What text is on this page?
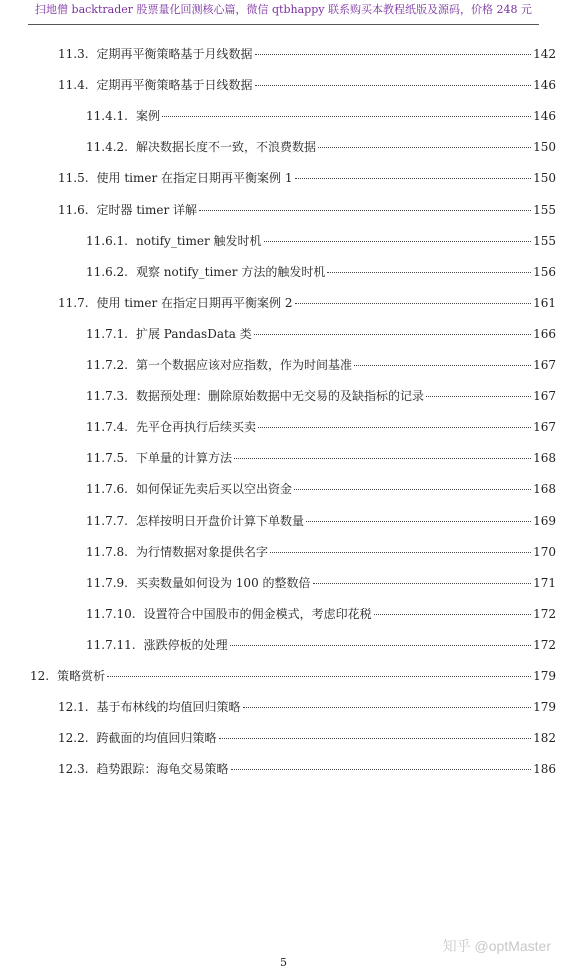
扫地僧 backtrader 股票量化回测核心篇，微信 qtbhappy 联系购买本教程纸版及源码，价格 248 元
11.3. 定期再平衡策略基于月线数据	142
11.4. 定期再平衡策略基于日线数据	146
11.4.1. 案例	146
11.4.2. 解决数据长度不一致，不浪费数据	150
11.5. 使用 timer 在指定日期再平衡案例 1	150
11.6. 定时器 timer 详解	155
11.6.1. notify_timer 触发时机	155
11.6.2. 观察 notify_timer 方法的触发时机	156
11.7. 使用 timer 在指定日期再平衡案例 2	161
11.7.1. 扩展 PandasData 类	166
11.7.2. 第一个数据应该对应指数，作为时间基准	167
11.7.3. 数据预处理：删除原始数据中无交易的及缺指标的记录	167
11.7.4. 先平仓再执行后续买卖	167
11.7.5. 下单量的计算方法	168
11.7.6. 如何保证先卖后买以空出资金	168
11.7.7. 怎样按明日开盘价计算下单数量	169
11.7.8. 为行情数据对象提供名字	170
11.7.9. 买卖数量如何设为 100 的整数倍	171
11.7.10. 设置符合中国股市的佣金模式，考虑印花税	172
11.7.11. 涨跌停板的处理	172
12. 策略赏析	179
12.1. 基于布林线的均值回归策略	179
12.2. 跨截面的均值回归策略	182
12.3. 趋势跟踪：海龟交易策略	186
知乎 @optMaster
5
